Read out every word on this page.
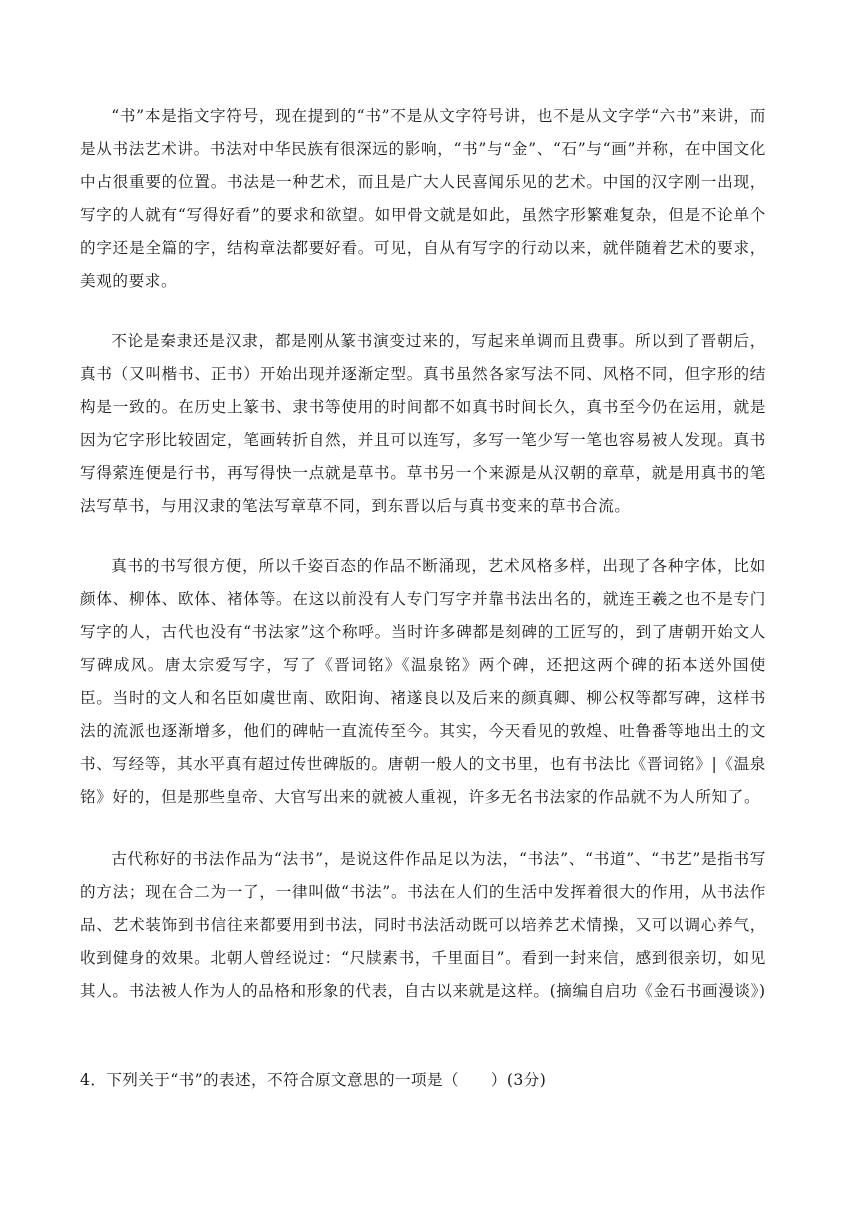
“书”本是指文字符号，现在提到的“书”不是从文字符号讲，也不是从文字学“六书”来讲，而是从书法艺术讲。书法对中华民族有很深远的影响，“书”与“金”、“石”与“画”并称，在中国文化中占很重要的位置。书法是一种艺术，而且是广大人民喜闻乐见的艺术。中国的汉字刚一出现，写字的人就有“写得好看”的要求和欲望。如甲骨文就是如此，虽然字形繁难复杂，但是不论单个的字还是全篇的字，结构章法都要好看。可见，自从有写字的行动以来，就伴随着艺术的要求，美观的要求。

不论是秦隶还是汉隶，都是刚从篆书演变过来的，写起来单调而且费事。所以到了晋朝后，真书（又叫楷书、正书）开始出现并逐渐定型。真书虽然各家写法不同、风格不同，但字形的结构是一致的。在历史上篆书、隶书等使用的时间都不如真书时间长久，真书至今仍在运用，就是因为它字形比较固定，笔画转折自然，并且可以连写，多写一笔少写一笔也容易被人发现。真书写得萦连便是行书，再写得快一点就是草书。草书另一个来源是从汉朝的章草，就是用真书的笔法写草书，与用汉隶的笔法写章草不同，到东晋以后与真书变来的草书合流。

真书的书写很方便，所以千姿百态的作品不断涌现，艺术风格多样，出现了各种字体，比如颜体、柳体、欧体、褚体等。在这以前没有人专门写字并靠书法出名的，就连王羲之也不是专门写字的人，古代也没有“书法家”这个称呼。当时许多碑都是刻碑的工匠写的，到了唐朝开始文人写碑成风。唐太宗爱写字，写了《晋词铭》《温泉铭》两个碑，还把这两个碑的拓本送外国使臣。当时的文人和名臣如虞世南、欧阳询、褚遂良以及后来的颜真卿、柳公权等都写碑，这样书法的流派也逐渐增多，他们的碑帖一直流传至今。其实，今天看见的敦煌、吐鲁番等地出土的文书、写经等，其水平真有超过传世碑版的。唐朝一般人的文书里，也有书法比《晋词铭》|《温泉铭》好的，但是那些皇帝、大官写出来的就被人重视，许多无名书法家的作品就不为人所知了。

古代称好的书法作品为“法书”，是说这件作品足以为法，“书法”、“书道”、“书艺”是指书写的方法；现在合二为一了，一律叫做“书法”。书法在人们的生活中发挥着很大的作用，从书法作品、艺术装饰到书信往来都要用到书法，同时书法活动既可以培养艺术情操，又可以调心养气，收到健身的效果。北朝人曾经说过：“尺牍素书，千里面目”。看到一封来信，感到很亲切，如见其人。书法被人作为人的品格和形象的代表，自古以来就是这样。(摘编自启功《金石书画漫谈》)

4．下列关于“书”的表述，不符合原文意思的一项是（　　）(3分)
